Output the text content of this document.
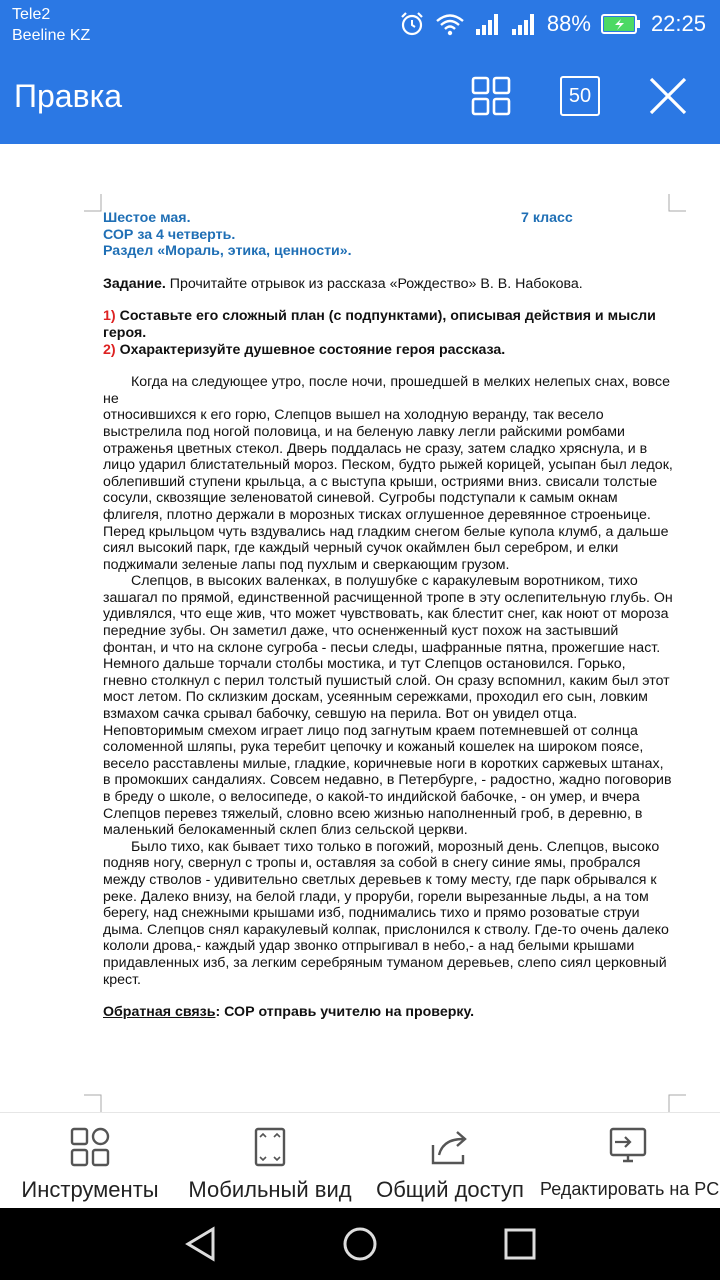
Tele2
Beeline KZ	88%	22:25
Правка	50
Шестое мая.	7 класс
СОР за 4 четверть.
Раздел «Мораль, этика, ценности».
Задание. Прочитайте отрывок из рассказа «Рождество» В. В. Набокова.
1) Составьте его сложный план (с подпунктами), описывая действия и мысли героя.
2) Охарактеризуйте душевное состояние героя рассказа.

Когда на следующее утро, после ночи, прошедшей в мелких нелепых снах, вовсе не

относившихся к его горю, Слепцов вышел на холодную веранду, так весело выстрелила под ногой половица, и на беленую лавку легли райскими ромбами отраженья цветных стекол. Дверь поддалась не сразу, затем сладко хряснула, и в лицо ударил блистательный мороз. Песком, будто рыжей корицей, усыпан был ледок, облепивший ступени крыльца, а с выступа крыши, остриями вниз. свисали толстые сосули, сквозящие зеленоватой синевой. Сугробы подступали к самым окнам флигеля, плотно держали в морозных тисках оглушенное деревянное строеньице. Перед крыльцом чуть вздувались над гладким снегом белые купола клумб, а дальше сиял высокий парк, где каждый черный сучок окаймлен был серебром, и елки поджимали зеленые лапы под пухлым и сверкающим грузом.

Слепцов, в высоких валенках, в полушубке с каракулевым воротником, тихо зашагал по прямой, единственной расчищенной тропе в эту ослепительную глубь. Он удивлялся, что еще жив, что может чувствовать, как блестит снег, как ноют от мороза передние зубы. Он заметил даже, что осненженный куст похож на застывший фонтан, и что на склоне сугроба - песьи следы, шафранные пятна, прожегшие наст. Немного дальше торчали столбы мостика, и тут Слепцов остановился. Горько, гневно столкнул с перил толстый пушистый слой. Он сразу вспомнил, каким был этот мост летом. По склизким доскам, усеянным сережками, проходил его сын, ловким взмахом сачка срывал бабочку, севшую на перила. Вот он увидел отца. Неповторимым смехом играет лицо под загнутым краем потемневшей от солнца соломенной шляпы, рука теребит цепочку и кожаный кошелек на широком поясе, весело расставлены милые, гладкие, коричневые ноги в коротких саржевых штанах, в промокших сандалиях. Совсем недавно, в Петербурге, - радостно, жадно поговорив в бреду о школе, о велосипеде, о какой-то индийской бабочке, - он умер, и вчера Слепцов перевез тяжелый, словно всею жизнью наполненный гроб, в деревню, в маленький белокаменный склеп близ сельской церкви.

Было тихо, как бывает тихо только в погожий, морозный день. Слепцов, высоко подняв ногу, свернул с тропы и, оставляя за собой в снегу синие ямы, пробрался между стволов - удивительно светлых деревьев к тому месту, где парк обрывался к реке. Далеко внизу, на белой глади, у проруби, горели вырезанные льды, а на том берегу, над снежными крышами изб, поднимались тихо и прямо розоватые струи дыма. Слепцов снял каракулевый колпак, прислонился к стволу. Где-то очень далеко кололи дрова,- каждый удар звонко отпрыгивал в небо,- а над белыми крышами придавленных изб, за легким серебряным туманом деревьев, слепо сиял церковный крест.

Обратная связь: СОР отправь учителю на проверку.
Инструменты	Мобильный вид Общий доступ Редактировать на PC
